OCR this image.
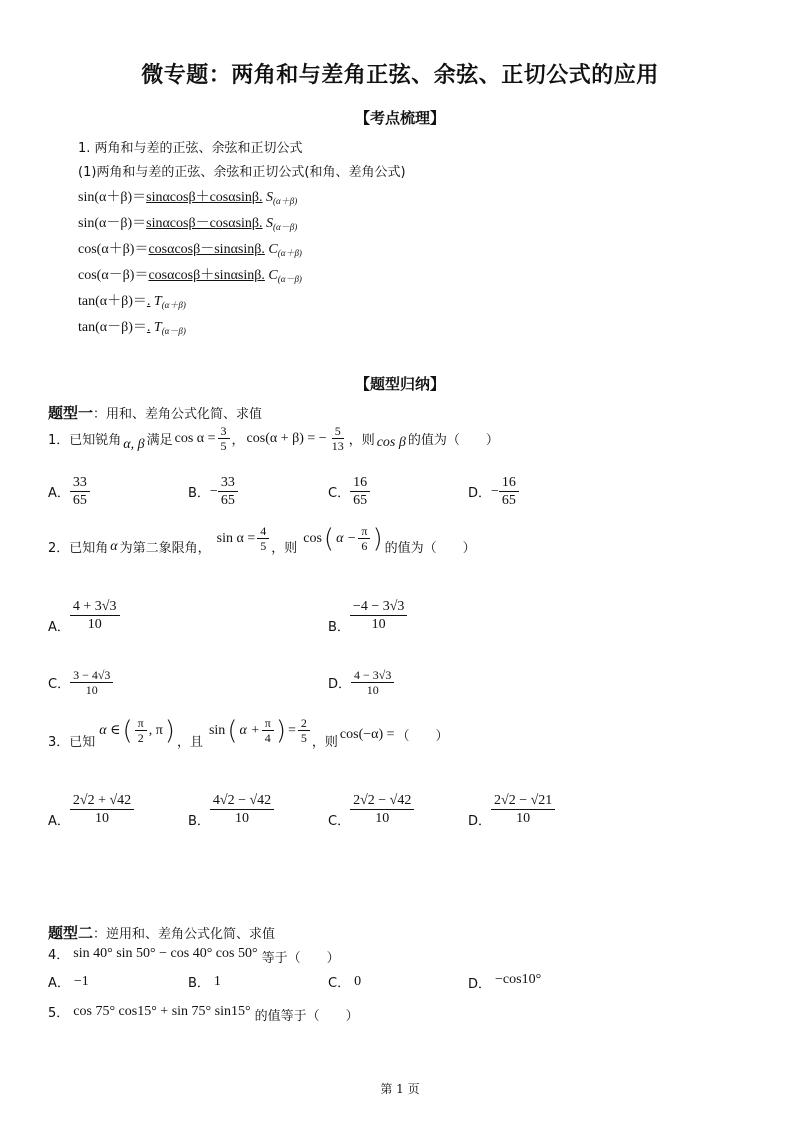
微专题：两角和与差角正弦、余弦、正切公式的应用
【考点梳理】
1. 两角和与差的正弦、余弦和正切公式
(1)两角和与差的正弦、余弦和正切公式(和角、差角公式)
sin(α＋β)＝sinαcosβ＋cosαsinβ. $S_{(\alpha+\beta)}$
sin(α－β)＝sinαcosβ－cosαsinβ. $S_{(\alpha-\beta)}$
cos(α＋β)＝cosαcosβ－sinαsinβ. $C_{(\alpha+\beta)}$
cos(α－β)＝cosαcosβ＋sinαsinβ. $C_{(\alpha-\beta)}$
tan(α＋β)＝. $T_{(\alpha+\beta)}$
tan(α－β)＝. $T_{(\alpha-\beta)}$
【题型归纳】
题型一：用和、差角公式化简、求值
1．已知锐角 α, β 满足 $\cos \alpha = \frac{3}{5}$ ， cos(α + β) = − $\frac{5}{13}$ ，则 cos β 的值为（　　）
A． $\frac{33}{65}$	B． − $\frac{33}{65}$	C． $\frac{16}{65}$	D． − $\frac{16}{65}$
2．已知角 α 为第二象限角，
$\sin \alpha = \frac{4}{5}$ ，则
cos ( $\alpha - \frac{\pi}{6}$ ) 的值为（　　）
A． $\frac{4 + 3√3}{10}$	B． $\frac{-4 - 3√3}{10}$
C． $\frac{3 - 4√3}{10}$	D． $\frac{4 - 3√3}{10}$
3．已知
α ∈ ( $\frac{\pi}{2}$ , π ) ，且
sin ( $\alpha + \frac{\pi}{4}$ ) = $\frac{2}{5}$ ，则
cos(−α) = （　　）
A． $\frac{2√2 + √42}{10}$	B． $\frac{4√2 - √42}{10}$	C． $\frac{2√2 - √42}{10}$	D． $\frac{2√2 - √21}{10}$
题型二：逆用和、差角公式化简、求值
4． sin 40° sin 50° − cos 40° cos 50° 等于（　　）
A． −1	B． 1	C． 0	D． −cos10°
5． cos 75° cos15° + sin 75° sin15° 的值等于（　　）
第 1 页
